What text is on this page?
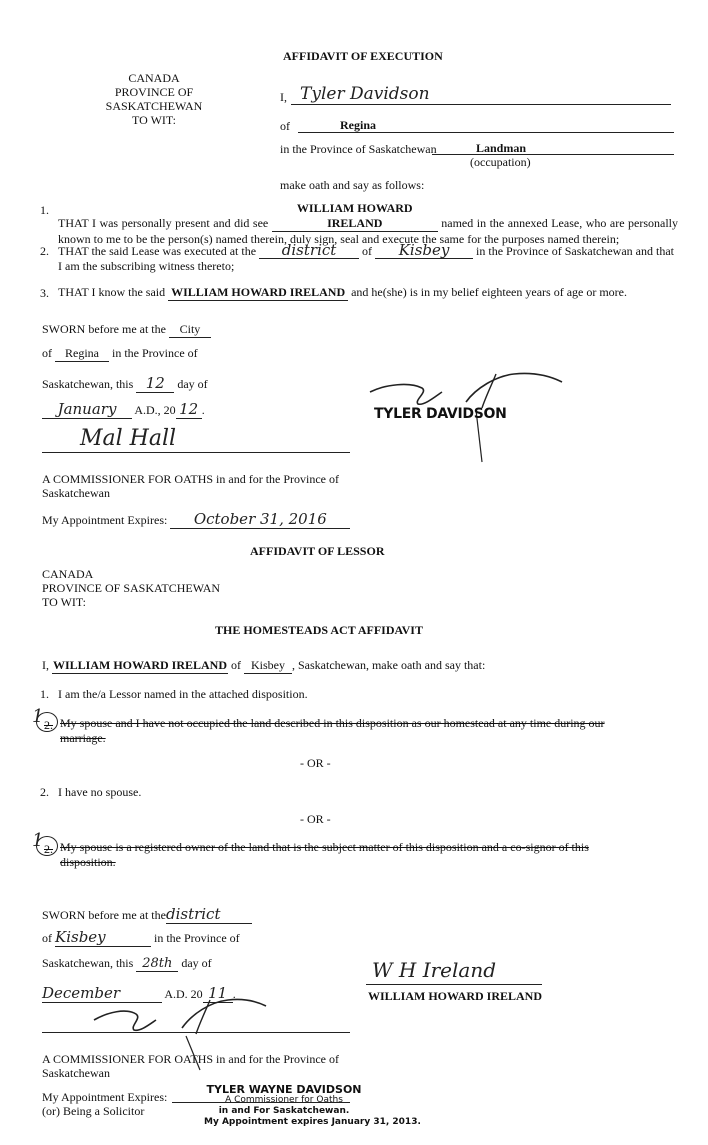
AFFIDAVIT OF EXECUTION
CANADA
PROVINCE OF SASKATCHEWAN
TO WIT:
I, Tyler Davidson
of	Regina
in the Province of Saskatchewan	Landman
(occupation)
make oath and say as follows:
1.
THAT I was personally present and did see WILLIAM HOWARD IRELAND	named in the annexed Lease, who are personally known to me to be the person(s) named therein, duly sign, seal and execute the same for the purposes named therein;
2. THAT the said Lease was executed at the district of Kisbey in the Province of Saskatchewan and that I am the subscribing witness thereto;
3. THAT I know the said WILLIAM HOWARD IRELAND and he(she) is in my belief eighteen years of age or more.
SWORN before me at the City
of Regina in the Province of
Saskatchewan, this 12 day of
January A.D., 20 12 .
Mal Hall
A COMMISSIONER FOR OATHS in and for the Province of
Saskatchewan
My Appointment Expires: October 31, 2016
TYLER DAVIDSON
AFFIDAVIT OF LESSOR
CANADA
PROVINCE OF SASKATCHEWAN
TO WIT:
THE HOMESTEADS ACT AFFIDAVIT
I, WILLIAM HOWARD IRELAND of Kisbey , Saskatchewan, make oath and say that:
1. I am the/a Lessor named in the attached disposition.
1 2. My spouse and I have not occupied the land described in this disposition as our homestead at any time during our marriage.
- OR -
2. I have no spouse.
- OR -
1 2. My spouse is a registered owner of the land that is the subject matter of this disposition and a co-signor of this disposition.
SWORN before me at thedistrict
of Kisbey	in the Province of
Saskatchewan, this 28th day of
December	A.D. 20 11 .
A COMMISSIONER FOR OATHS in and for the Province of
Saskatchewan
My Appointment Expires:
(or) Being a Solicitor
TYLER WAYNE DAVIDSON
A Commissioner for Oaths
in and For Saskatchewan.
My Appointment expires January 31, 2013.
W H Ireland
WILLIAM HOWARD IRELAND
